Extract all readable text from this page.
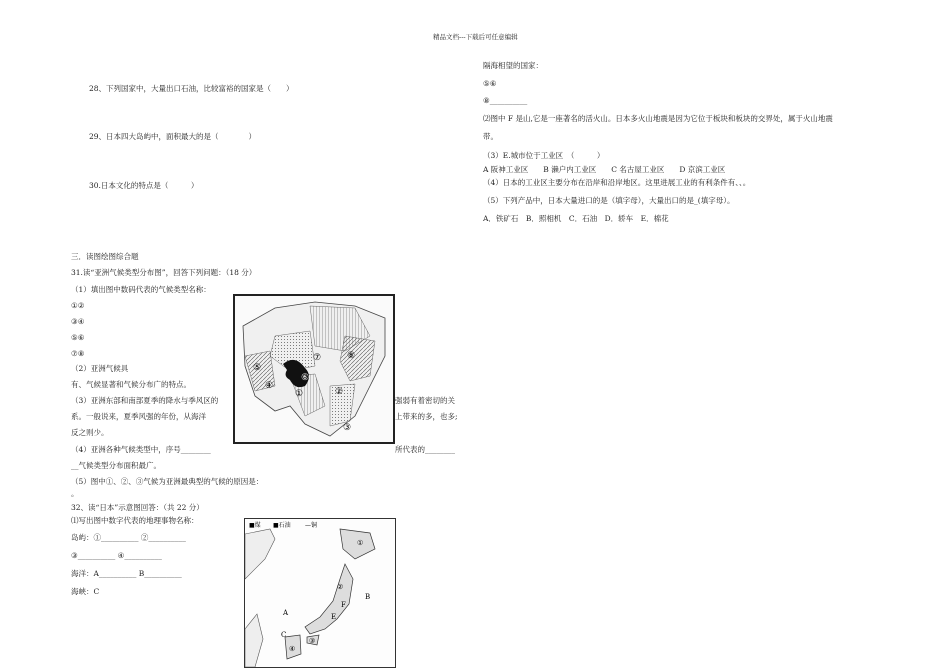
精品文档---下载后可任意编辑
28、下列国家中，大量出口石油，比较富裕的国家是（　　）
29、日本四大岛屿中，面积最大的是（　　　　）
30.日本文化的特点是（　　　）
三．读图绘图综合题
31.读“亚洲气候类型分布图”，回答下列问题：（18 分）
（1）填出图中数码代表的气候类型名称：
①②
③④
⑤⑥
⑦⑧
（2）亚洲气候具
有、气候显著和气候分布广的特点。
（3）亚洲东部和南部夏季的降水与季风区的	强弱有着密切的关
系。一般说来，夏季风强的年份，从海洋	上带来的多，也多;
反之则少。
（4）亚洲各种气候类型中，序号________	所代表的________
__气候类型分布面积最广。
（5）图中①、②、③气候为亚洲最典型的气候的原因是：
。
32、读“日本”示意图回答：（共 22 分）
⑴写出图中数字代表的地理事物名称：
岛屿：①__________ ②__________
③__________ ④__________
海洋：A__________ B__________
海峡：C
⑤
⑦	⑧
⑥
①	②
③
④
■煤 ■石油 —铜
①
②
③
④
A
B
C
E
F
隔海相望的国家：
⑤⑥
⑧__________
⑵图中 F 是山,它是一座著名的活火山。日本多火山地震是因为它位于板块和板块的交界处，属于火山地震
带。
（3）E.城市位于工业区　（　　　）
A 阪神工业区　　B 濑户内工业区　　C 名古屋工业区　　D 京滨工业区
（4）日本的工业区主要分布在沿岸和沿岸地区。这里进展工业的有利条件有、、。
（5）下列产品中，日本大量进口的是（填字母），大量出口的是_(填字母）。
A．铁矿石　B．照相机　C．石油　D．轿车　E．棉花
